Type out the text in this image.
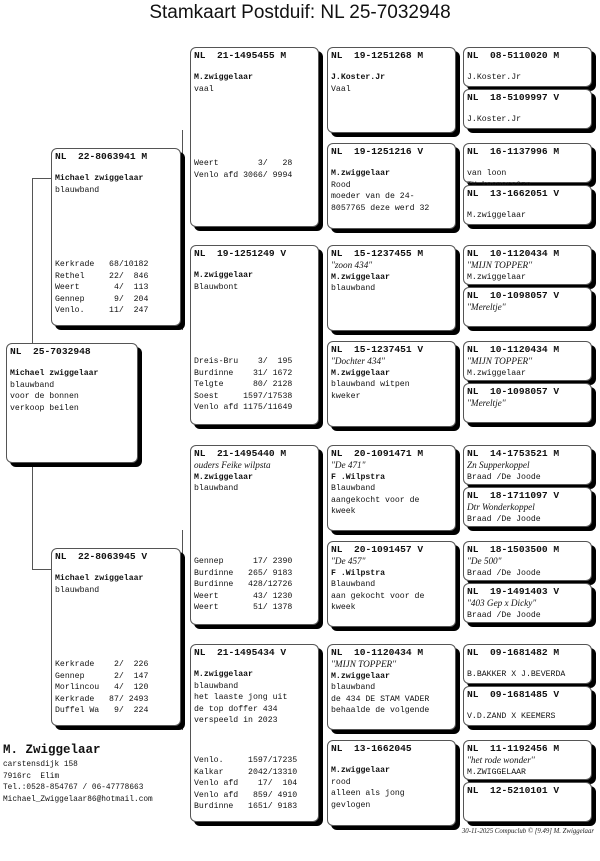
Stamkaart Postduif: NL 25-7032948
NL  25-7032948
Michael zwiggelaar
blauwband
voor de bonnen
verkoop beilen
NL  22-8063941 M
Michael zwiggelaar
blauwband
Kerkrade   68/10182
Rethel     22/  846
Weert       4/  113
Gennep      9/  204
Venlo.     11/  247
NL  22-8063945 V
Michael zwiggelaar
blauwband
Kerkrade    2/  226
Gennep      2/  147
Morlincou   4/  120
Kerkrade   87/ 2493
Duffel Wa   9/  224
NL  21-1495455 M
M.zwiggelaar
vaal
Weert        3/   28
Venlo afd 3066/ 9994
NL  19-1251249 V
M.zwiggelaar
Blauwbont
Dreis-Bru    3/  195
Burdinne    31/ 1672
Telgte      80/ 2128
Soest     1597/17538
Venlo afd 1175/11649
NL  21-1495440 M
ouders Feike wilpsta
M.zwiggelaar
blauwband
Gennep      17/ 2390
Burdinne   265/ 9183
Burdinne   428/12726
Weert       43/ 1230
Weert       51/ 1378
NL  21-1495434 V
M.zwiggelaar
blauwband
het laaste jong uit
de top doffer 434
verspeeld in 2023
Venlo.     1597/17235
Kalkar     2042/13310
Venlo afd    17/  104
Venlo afd   859/ 4910
Burdinne   1651/ 9183
NL  19-1251268 M
J.Koster.Jr
Vaal
NL  19-1251216 V
M.zwiggelaar
Rood
moeder van de 24-
8057765 deze werd 32
NL  15-1237455 M
"zoon 434"
M.zwiggelaar
blauwband
NL  15-1237451 V
"Dochter 434"
M.zwiggelaar
blauwband witpen
kweker
NL  20-1091471 M
"De 471"
F .Wilpstra
Blauwband
aangekocht voor de
kweek
NL  20-1091457 V
"De 457"
F .Wilpstra
Blauwband
aan gekocht voor de
kweek
NL  10-1120434 M
''MIJN TOPPER''
M.zwiggelaar
blauwband
de 434 DE STAM VADER
behaalde de volgende
NL  13-1662045
M.zwiggelaar
rood
alleen als jong
gevlogen
NL  08-5110020 M
J.Koster.Jr
NL  18-5109997 V
J.Koster.Jr
NL  16-1137996 M
van loon
NL  13-1662051 V
M.zwiggelaar
NL  10-1120434 M
''MIJN TOPPER''
M.zwiggelaar
NL  10-1098057 V
''Mereltje''
NL  10-1120434 M
''MIJN TOPPER''
M.zwiggelaar
NL  10-1098057 V
''Mereltje''
NL  14-1753521 M
Zn Supperkoppel
Braad /De Joode
NL  18-1711097 V
Dtr Wonderkoppel
Braad /De Joode
NL  18-1503500 M
"De 500"
Braad /De Joode
NL  19-1491403 V
"403 Gep x Dicky"
Braad /De Joode
NL  09-1681482 M
B.BAKKER X J.BEVERDA
NL  09-1681485 V
V.D.ZAND X KEEMERS
NL  11-1192456 M
''het rode wonder''
M.ZWIGGELAAR
NL  12-5210101 V
M. Zwiggelaar
carstensdijk 158
7916rc  Elim
Tel.:0528-854767 / 06-47778663
Michael_Zwiggelaar86@hotmail.com
30-11-2025 Compuclub © [9.49] M. Zwiggelaar
